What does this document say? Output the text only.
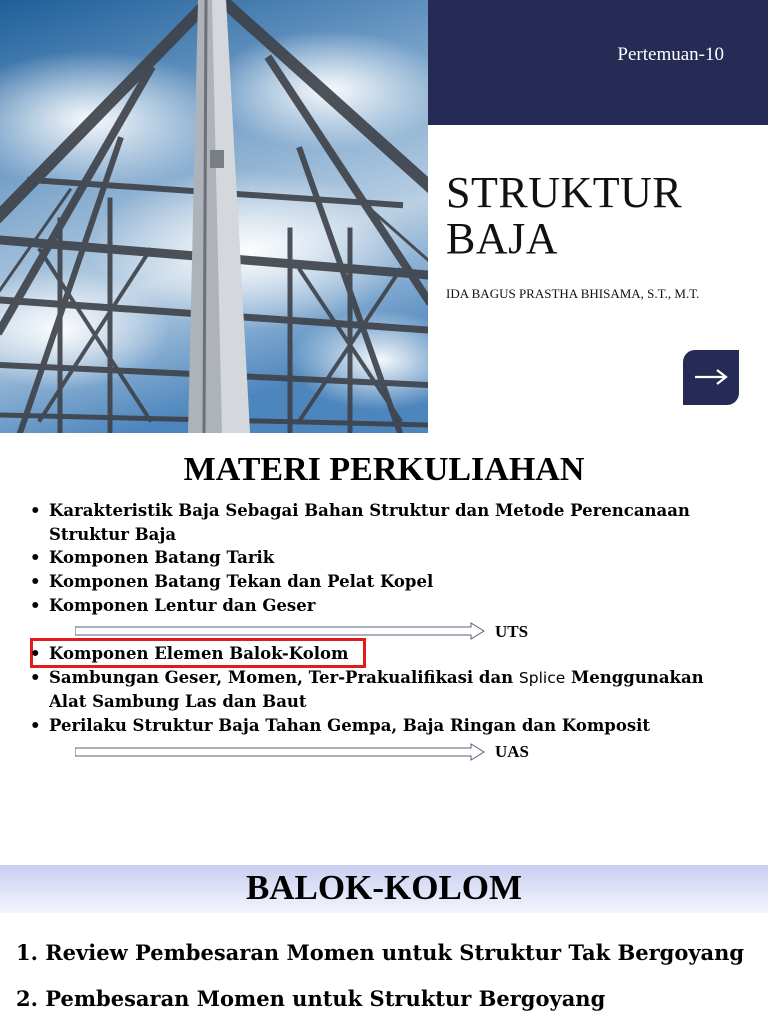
Pertemuan-10
STRUKTUR
BAJA
IDA BAGUS PRASTHA BHISAMA, S.T., M.T.
MATERI PERKULIAHAN
• Karakteristik Baja Sebagai Bahan Struktur dan Metode Perencanaan
Struktur Baja
• Komponen Batang Tarik
• Komponen Batang Tekan dan Pelat Kopel
• Komponen Lentur dan Geser
UTS
• Komponen Elemen Balok-Kolom
• Sambungan Geser, Momen, Ter-Prakualifikasi dan Splice Menggunakan
Alat Sambung Las dan Baut
• Perilaku Struktur Baja Tahan Gempa, Baja Ringan dan Komposit
UAS
BALOK-KOLOM
1. Review Pembesaran Momen untuk Struktur Tak Bergoyang
2. Pembesaran Momen untuk Struktur Bergoyang
